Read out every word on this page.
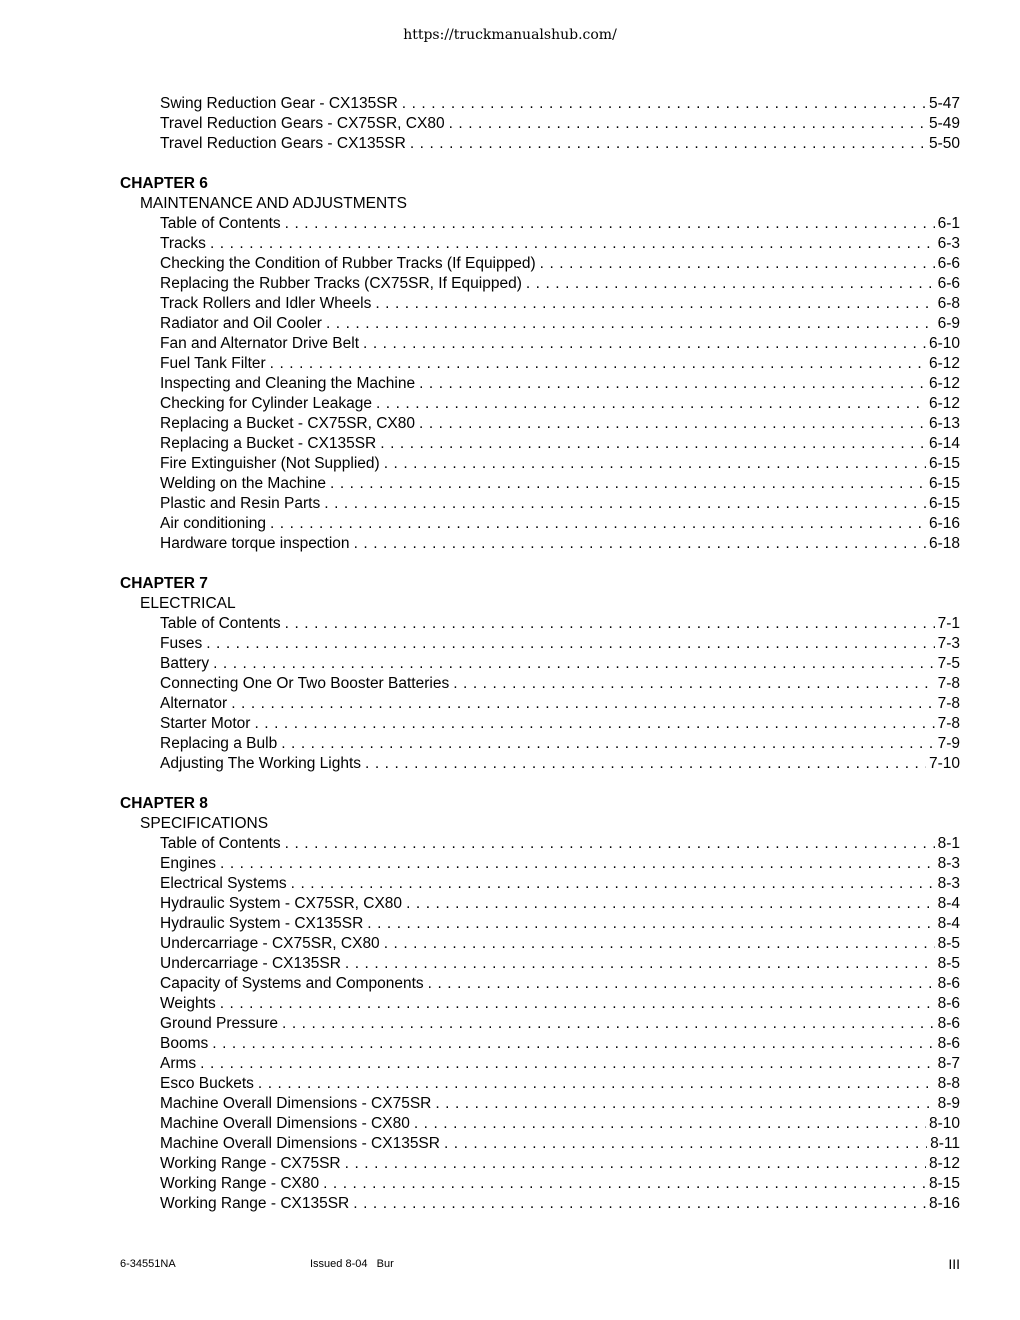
https://truckmanualshub.com/
Swing Reduction Gear - CX135SR . . .	5-47
Travel Reduction Gears - CX75SR, CX80 . . .	5-49
Travel Reduction Gears - CX135SR . . .	5-50
CHAPTER 6
MAINTENANCE AND ADJUSTMENTS
Table of Contents . . .	6-1
Tracks . . .	6-3
Checking the Condition of Rubber Tracks (If Equipped) . . .	6-6
Replacing the Rubber Tracks (CX75SR, If Equipped) . . .	6-6
Track Rollers and Idler Wheels . . .	6-8
Radiator and Oil Cooler . . .	6-9
Fan and Alternator Drive Belt . . .	6-10
Fuel Tank Filter . . .	6-12
Inspecting and Cleaning the Machine . . .	6-12
Checking for Cylinder Leakage . . .	6-12
Replacing a Bucket - CX75SR, CX80 . . .	6-13
Replacing a Bucket - CX135SR . . .	6-14
Fire Extinguisher (Not Supplied) . . .	6-15
Welding on the Machine . . .	6-15
Plastic and Resin Parts . . .	6-15
Air conditioning . . .	6-16
Hardware torque inspection . . .	6-18
CHAPTER 7
ELECTRICAL
Table of Contents . . .	7-1
Fuses . . .	7-3
Battery . . .	7-5
Connecting One Or Two Booster Batteries . . .	7-8
Alternator . . .	7-8
Starter Motor . . .	7-8
Replacing a Bulb . . .	7-9
Adjusting The Working Lights . . .	7-10
CHAPTER 8
SPECIFICATIONS
Table of Contents . . .	8-1
Engines . . .	8-3
Electrical Systems . . .	8-3
Hydraulic System - CX75SR, CX80 . . .	8-4
Hydraulic System - CX135SR . . .	8-4
Undercarriage - CX75SR, CX80 . . .	8-5
Undercarriage - CX135SR . . .	8-5
Capacity of Systems and Components . . .	8-6
Weights . . .	8-6
Ground Pressure . . .	8-6
Booms . . .	8-6
Arms . . .	8-7
Esco Buckets . . .	8-8
Machine Overall Dimensions - CX75SR . . .	8-9
Machine Overall Dimensions - CX80 . . .	8-10
Machine Overall Dimensions - CX135SR . . .	8-11
Working Range - CX75SR . . .	8-12
Working Range - CX80 . . .	8-15
Working Range - CX135SR . . .	8-16
6-34551NA	Issued 8-04   Bur	III
